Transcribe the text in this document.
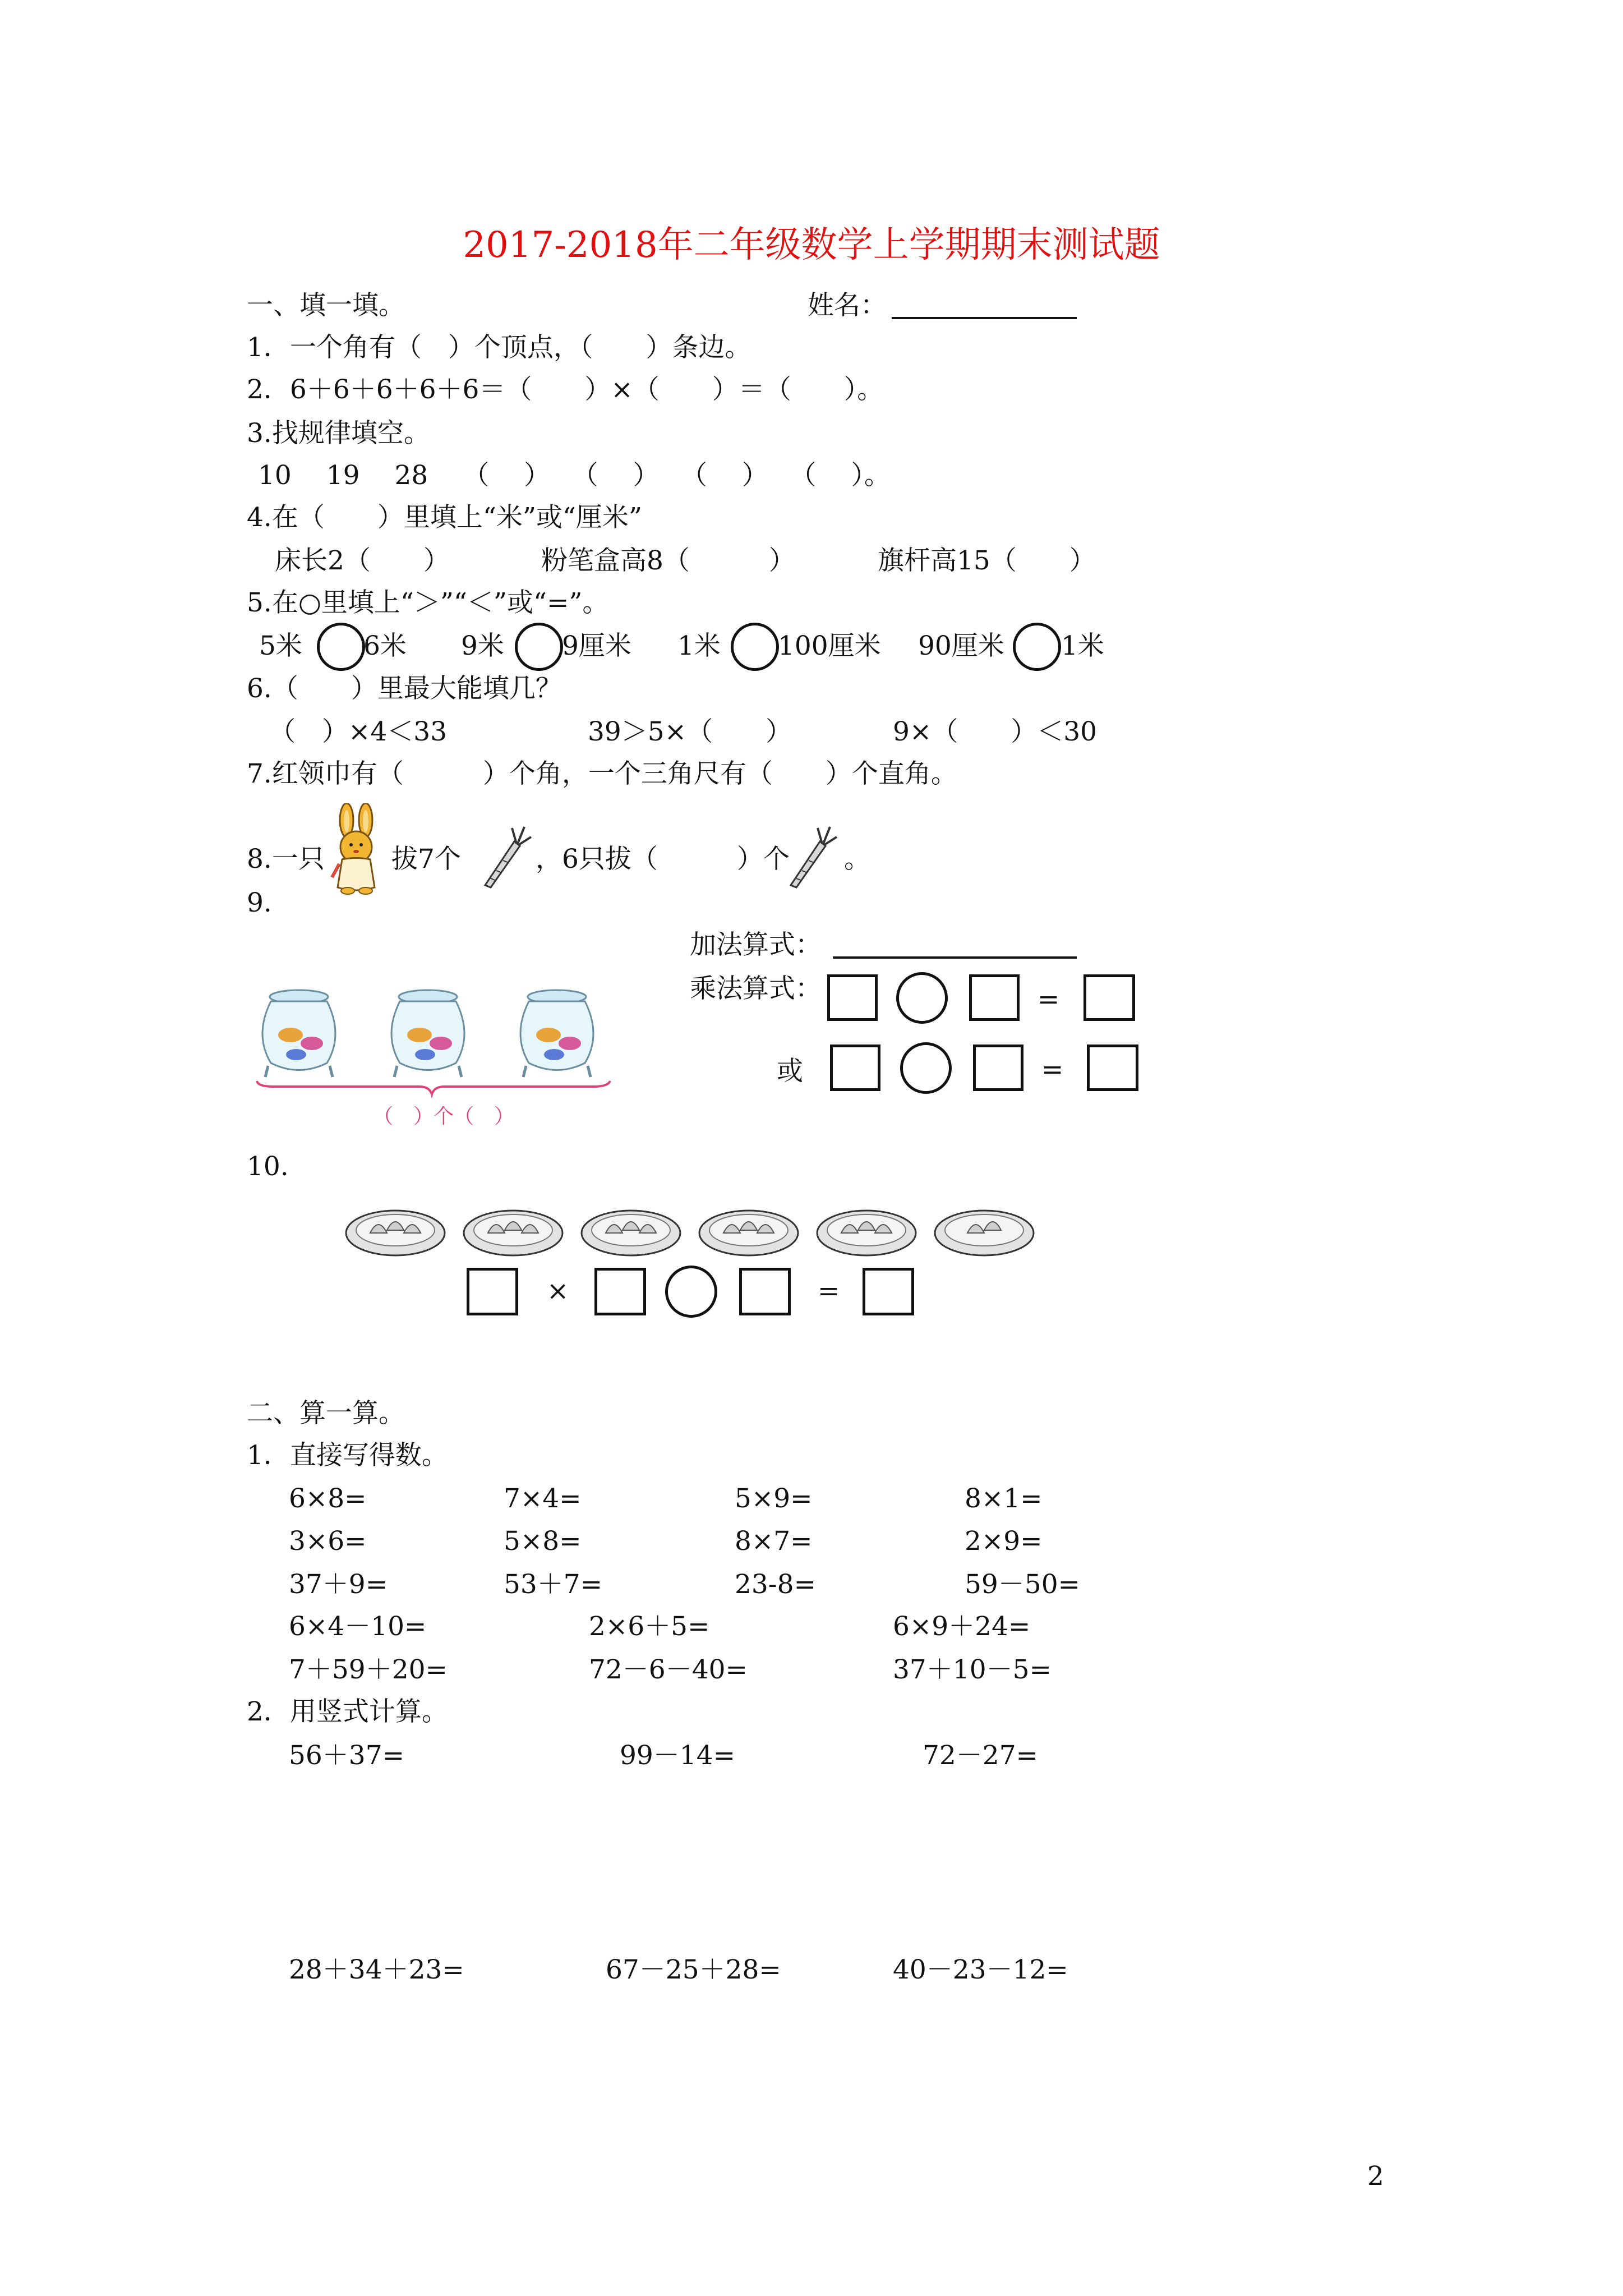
2017-2018年二年级数学上学期期末测试题
一、填一填。	姓名：
1．一个角有（　）个顶点，（　　）条边。
2．6＋6＋6＋6＋6＝（　　）×（　　）＝（　　）。
3.找规律填空。
10　 19　 28　 （　 ）　 （　 ）　 （　 ）　 （　 ）。
4.在（　　）里填上“米”或“厘米”
床长2（　　）	粉笔盒高8（　　　）	旗杆高15（　　）
5.在○里填上“＞”“＜”或“=”。
5米 6米 9米 9厘米 1米 100厘米 90厘米 1米
6.（　　）里最大能填几？
（　）×4＜33	39＞5×（　　）	9×（　　）＜30
7.红领巾有（　　　）个角，一个三角尺有（　　）个直角。
8.一只	拔7个	，6只拔（　　　）个 。
9.
加法算式：
乘法算式：	=
或	=
（　）个（　）
10.
×	=
二、算一算。
1．直接写得数。
6×8=	7×4=	5×9=	8×1=
3×6=	5×8=	8×7=	2×9=
37＋9=	53＋7=	23-8=	59－50=
6×4－10=	2×6＋5=	6×9＋24=
7＋59＋20=	72－6－40=	37＋10－5=
2．用竖式计算。
56＋37=	99－14=	72－27=
28＋34＋23=	67－25＋28=	40－23－12=
2
